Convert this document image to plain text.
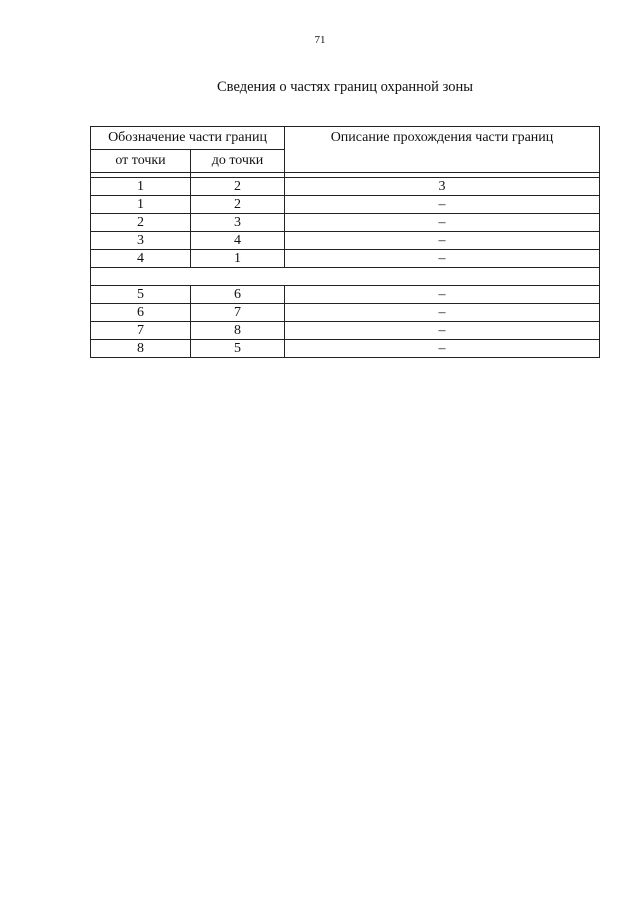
71
Сведения о частях границ охранной зоны
Обозначение части границ		Описание прохождения части границ
от точки	до точки	

1	2	3
1	2	–
2	3	–
3	4	–
4	1	–

5	6	–
6	7	–
7	8	–
8	5	–
